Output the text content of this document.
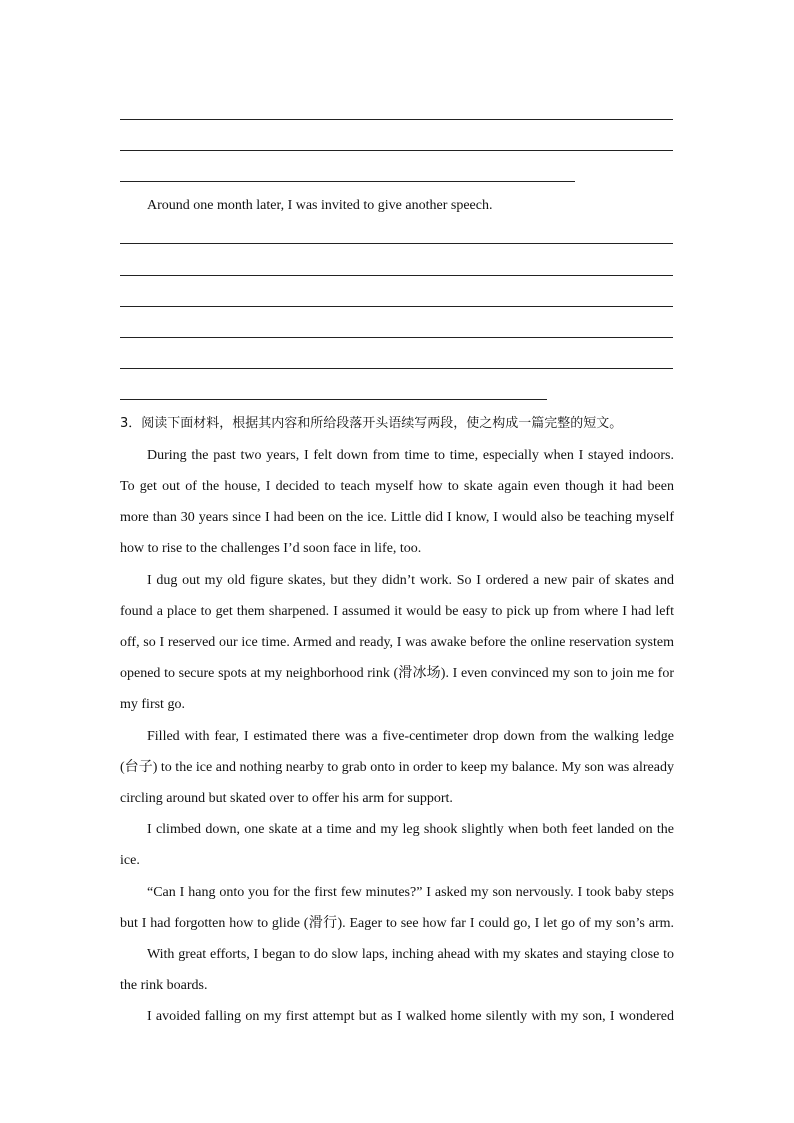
Around one month later, I was invited to give another speech.
3．阅读下面材料，根据其内容和所给段落开头语续写两段，使之构成一篇完整的短文。
During the past two years, I felt down from time to time, especially when I stayed indoors.
To get out of the house, I decided to teach myself how to skate again even though it had been
more than 30 years since I had been on the ice. Little did I know, I would also be teaching myself
how to rise to the challenges I’d soon face in life, too.
I dug out my old figure skates, but they didn’t work. So I ordered a new pair of skates and
found a place to get them sharpened. I assumed it would be easy to pick up from where I had left
off, so I reserved our ice time. Armed and ready, I was awake before the online reservation system
opened to secure spots at my neighborhood rink (滑冰场). I even convinced my son to join me for
my first go.
Filled with fear, I estimated there was a five-centimeter drop down from the walking ledge
(台子) to the ice and nothing nearby to grab onto in order to keep my balance. My son was already
circling around but skated over to offer his arm for support.
I climbed down, one skate at a time and my leg shook slightly when both feet landed on the
ice.
“Can I hang onto you for the first few minutes?” I asked my son nervously. I took baby steps
but I had forgotten how to glide (滑行). Eager to see how far I could go, I let go of my son’s arm.
With great efforts, I began to do slow laps, inching ahead with my skates and staying close to
the rink boards.
I avoided falling on my first attempt but as I walked home silently with my son, I wondered
